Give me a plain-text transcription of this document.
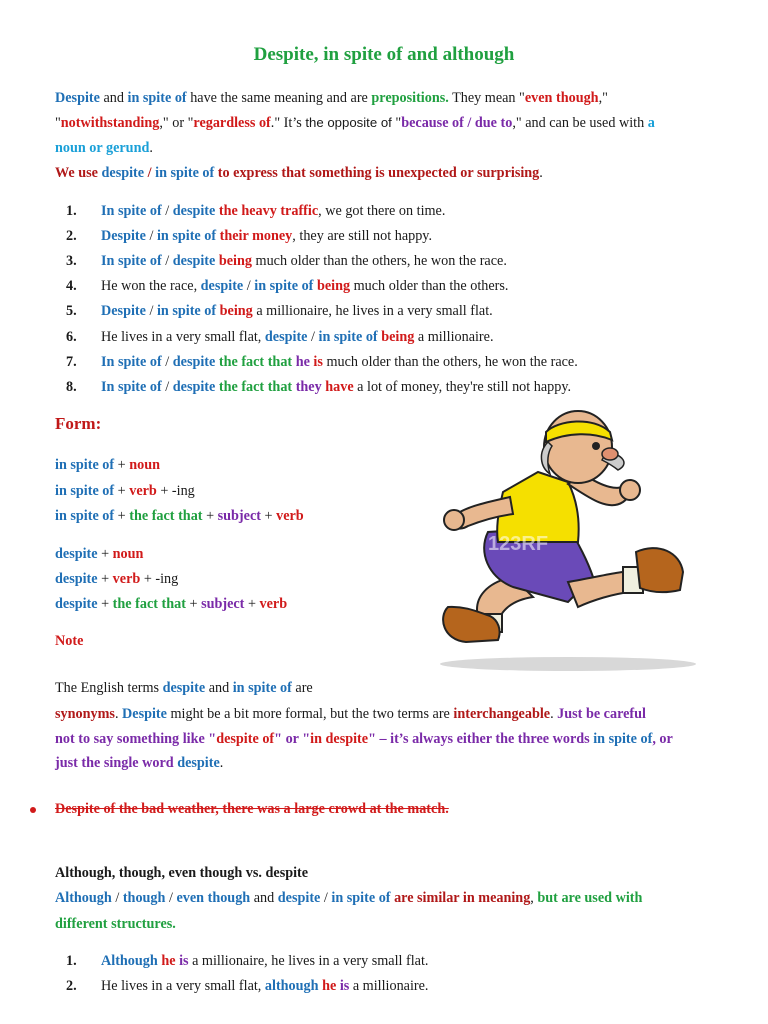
Despite, in spite of and although
Despite and in spite of have the same meaning and are prepositions. They mean "even though,"
"notwithstanding," or "regardless of." It’s the opposite of "because of / due to," and can be used with a
noun or gerund.
We use despite / in spite of to express that something is unexpected or surprising.
1. In spite of / despite the heavy traffic, we got there on time.
2. Despite / in spite of their money, they are still not happy.
3. In spite of / despite being much older than the others, he won the race.
4. He won the race, despite / in spite of being much older than the others.
5. Despite / in spite of being a millionaire, he lives in a very small flat.
6. He lives in a very small flat, despite / in spite of being a millionaire.
7. In spite of / despite the fact that he is much older than the others, he won the race.
8. In spite of / despite the fact that they have a lot of money, they're still not happy.
Form:
in spite of + noun
in spite of + verb + -ing
in spite of + the fact that + subject + verb
despite + noun
despite + verb + -ing
despite + the fact that + subject + verb
Note
The English terms despite and in spite of are
synonyms. Despite might be a bit more formal, but the two terms are interchangeable. Just be careful
not to say something like "despite of" or "in despite" – it’s always either the three words in spite of, or
just the single word despite.
Despite of the bad weather, there was a large crowd at the match.
Although, though, even though vs. despite
Although / though / even though and despite / in spite of are similar in meaning, but are used with
different structures.
1. Although he is a millionaire, he lives in a very small flat.
2. He lives in a very small flat, although he is a millionaire.
123RF
